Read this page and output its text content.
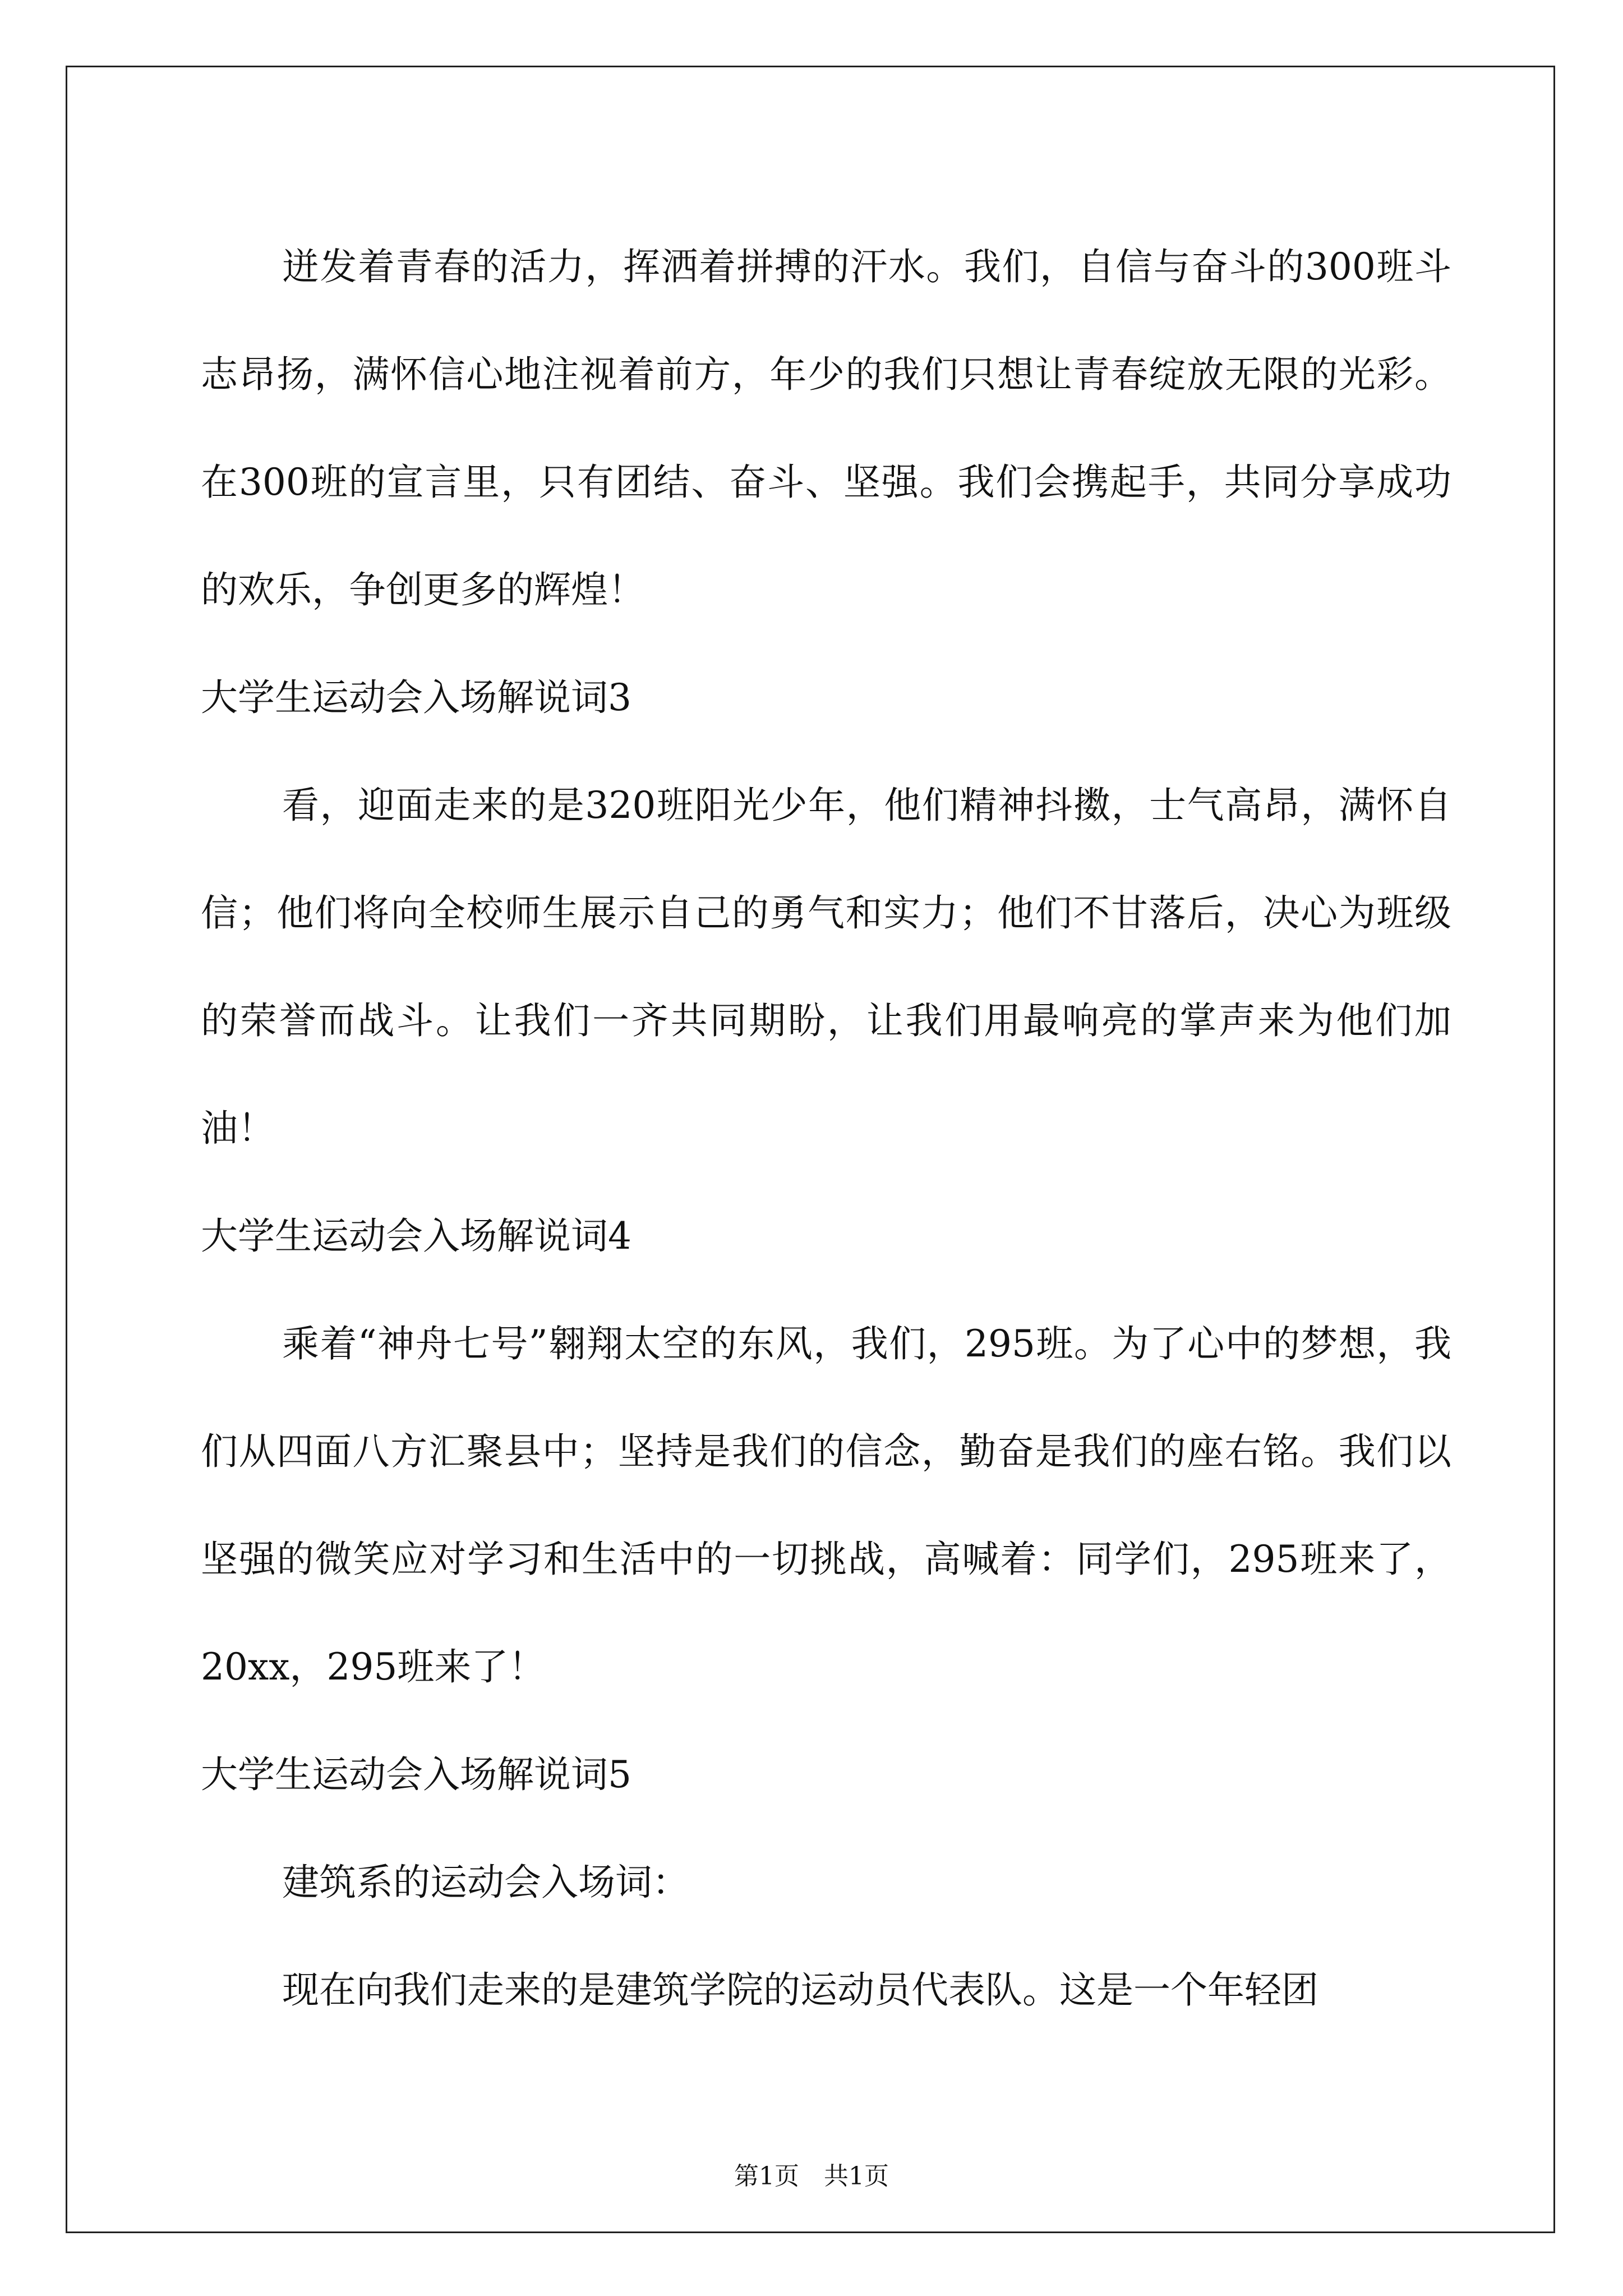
迸发着青春的活力，挥洒着拼搏的汗水。我们，自信与奋斗的300班斗志昂扬，满怀信心地注视着前方，年少的我们只想让青春绽放无限的光彩。在300班的宣言里，只有团结、奋斗、坚强。我们会携起手，共同分享成功的欢乐，争创更多的辉煌！

大学生运动会入场解说词3

看，迎面走来的是320班阳光少年，他们精神抖擞，士气高昂，满怀自信；他们将向全校师生展示自己的勇气和实力；他们不甘落后，决心为班级的荣誉而战斗。让我们一齐共同期盼，让我们用最响亮的掌声来为他们加油！

大学生运动会入场解说词4

乘着“神舟七号”翱翔太空的东风，我们，295班。为了心中的梦想，我们从四面八方汇聚县中；坚持是我们的信念，勤奋是我们的座右铭。我们以坚强的微笑应对学习和生活中的一切挑战，高喊着：同学们，295班来了，20xx，295班来了！

大学生运动会入场解说词5

建筑系的运动会入场词：

现在向我们走来的是建筑学院的运动员代表队。这是一个年轻团

第1页　共1页
